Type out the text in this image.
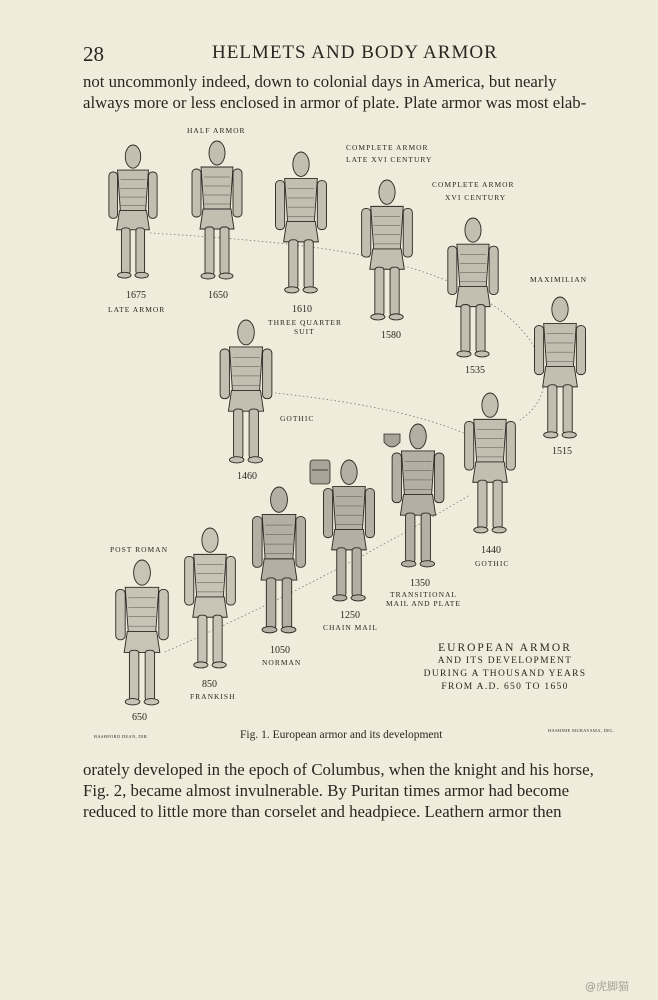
28	HELMETS AND BODY ARMOR
not uncommonly indeed, down to colonial days in America, but nearly
always more or less enclosed in armor of plate. Plate armor was most elab-
HALF ARMOR
COMPLETE ARMOR
LATE XVI CENTURY
COMPLETE ARMOR
XVI CENTURY
MAXIMILIAN
LATE ARMOR
THREE QUARTER
SUIT
GOTHIC
GOTHIC
POST ROMAN
FRANKISH
NORMAN
CHAIN MAIL
TRANSITIONAL
MAIL AND PLATE
1675	1650
1610
1580
1535
1515
1460
1440
1350
1250
1050
850
650
EUROPEAN ARMOR
AND ITS DEVELOPMENT
DURING A THOUSAND YEARS
FROM A.D. 650 TO 1650
BASHFORD DEAN, DIR.
HASHIME MURAYAMA, DEL.
Fig. 1. European armor and its development
orately developed in the epoch of Columbus, when the knight and his horse,
Fig. 2, became almost invulnerable. By Puritan times armor had become
reduced to little more than corselet and headpiece. Leathern armor then
@虎脚猫
